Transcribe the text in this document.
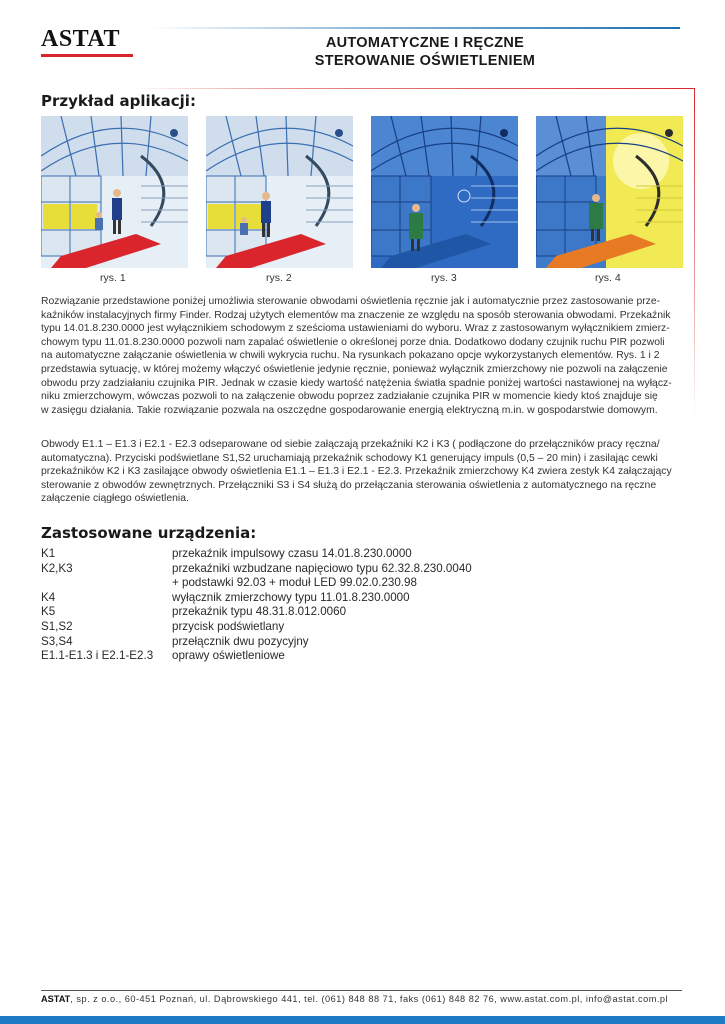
ASTAT	AUTOMATYCZNE I RĘCZNE
STEROWANIE OŚWIETLENIEM
Przykład aplikacji:
rys. 1	rys. 2	rys. 3	rys. 4
Rozwiązanie przedstawione poniżej umożliwia sterowanie obwodami oświetlenia ręcznie jak i automatycznie przez zastosowanie prze-
kaźników instalacyjnych firmy Finder. Rodzaj użytych elementów ma znaczenie ze względu na sposób sterowania obwodami. Przekaźnik
typu 14.01.8.230.0000 jest wyłącznikiem schodowym z sześcioma ustawieniami do wyboru. Wraz z zastosowanym wyłącznikiem zmierz-
chowym typu 11.01.8.230.0000 pozwoli nam zapalać oświetlenie o określonej porze dnia. Dodatkowo dodany czujnik ruchu PIR pozwoli
na automatyczne załączanie oświetlenia w chwili wykrycia ruchu. Na rysunkach pokazano opcje wykorzystanych elementów. Rys. 1 i 2
przedstawia sytuację, w której możemy włączyć oświetlenie jedynie ręcznie, ponieważ wyłącznik zmierzchowy nie pozwoli na załączenie
obwodu przy zadziałaniu czujnika PIR. Jednak w czasie kiedy wartość natężenia światła spadnie poniżej wartości nastawionej na wyłącz-
niku zmierzchowym, wówczas pozwoli to na załączenie obwodu poprzez zadziałanie czujnika PIR w momencie kiedy ktoś znajduje się
w zasięgu działania. Takie rozwiązanie pozwala na oszczędne gospodarowanie energią elektryczną m.in. w gospodarstwie domowym.
Obwody E1.1 – E1.3 i E2.1 - E2.3 odseparowane od siebie załączają przekaźniki K2 i K3 ( podłączone do przełączników pracy ręczna/
automatyczna). Przyciski podświetlane S1,S2 uruchamiają przekaźnik schodowy K1 generujący impuls (0,5 – 20 min) i zasilając cewki
przekaźników K2 i K3 zasilające obwody oświetlenia E1.1 – E1.3 i E2.1 - E2.3. Przekaźnik zmierzchowy K4 zwiera zestyk K4 załączający
sterowanie z obwodów zewnętrznych. Przełączniki S3 i S4 służą do przełączania sterowania oświetlenia z automatycznego na ręczne
załączenie ciągłego oświetlenia.
Zastosowane urządzenia:
K1	przekaźnik impulsowy czasu 14.01.8.230.0000
K2,K3	przekaźniki wzbudzane napięciowo typu 62.32.8.230.0040
+ podstawki 92.03 + moduł LED 99.02.0.230.98
K4	wyłącznik zmierzchowy typu 11.01.8.230.0000
K5	przekaźnik typu 48.31.8.012.0060
S1,S2	przycisk podświetlany
S3,S4	przełącznik dwu pozycyjny
E1.1-E1.3 i E2.1-E2.3	oprawy oświetleniowe
ASTAT, sp. z o.o., 60-451 Poznań, ul. Dąbrowskiego 441, tel. (061) 848 88 71, faks (061) 848 82 76, www.astat.com.pl, info@astat.com.pl
